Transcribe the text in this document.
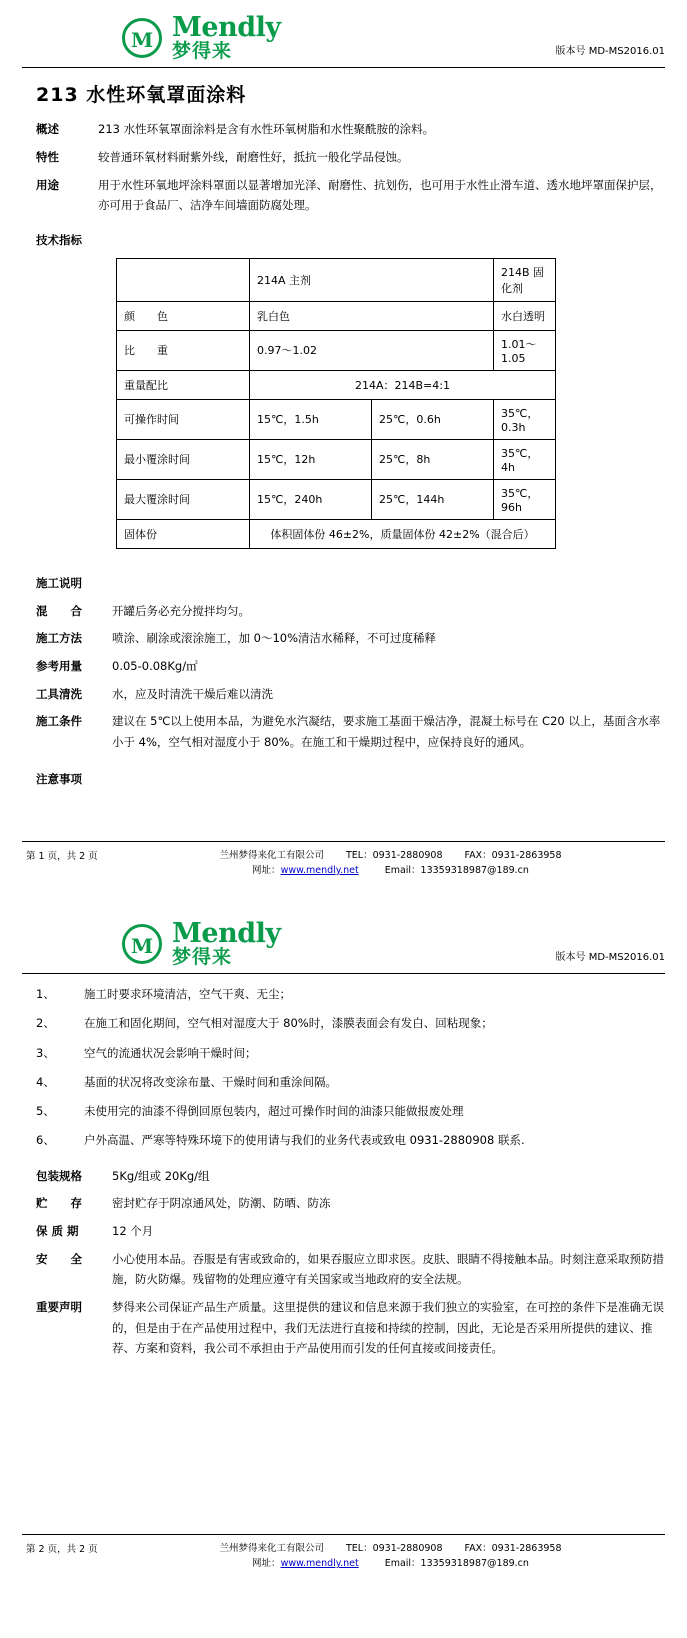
M Mendly
梦得来	版本号 MD-MS2016.01
213 水性环氧罩面涂料
概述	213 水性环氧罩面涂料是含有水性环氧树脂和水性聚酰胺的涂料。
特性	较普通环氧材料耐紫外线，耐磨性好，抵抗一般化学品侵蚀。
用途	用于水性环氧地坪涂料罩面以显著增加光泽、耐磨性、抗划伤，也可用于水性止滑车道、透水地坪罩面保护层，亦可用于食品厂、洁净车间墙面防腐处理。
技术指标
	214A 主剂		214B 固化剂
颜　　色	乳白色		水白透明
比　　重	0.97～1.02		1.01～1.05
重量配比	214A：214B=4:1		
可操作时间	15℃，1.5h	25℃，0.6h	35℃，0.3h
最小覆涂时间	15℃，12h	25℃，8h	35℃，4h
最大覆涂时间	15℃，240h	25℃，144h	35℃，96h
固体份	体积固体份 46±2%，质量固体份 42±2%（混合后）		
施工说明
混　　合	开罐后务必充分搅拌均匀。
施工方法	喷涂、刷涂或滚涂施工，加 0～10%清洁水稀释，不可过度稀释
参考用量	0.05-0.08Kg/㎡
工具清洗	水，应及时清洗干燥后难以清洗
施工条件	建议在 5℃以上使用本品，为避免水汽凝结，要求施工基面干燥洁净，混凝土标号在 C20 以上，基面含水率小于 4%，空气相对湿度小于 80%。在施工和干燥期过程中，应保持良好的通风。
注意事项
第 1 页，共 2 页	兰州梦得来化工有限公司 TEL：0931-2880908 FAX：0931-2863958
网址：www.mendly.net	Email：13359318987@189.cn
M Mendly
梦得来	版本号 MD-MS2016.01
1、	施工时要求环境清洁，空气干爽、无尘；
2、	在施工和固化期间，空气相对湿度大于 80%时，漆膜表面会有发白、回粘现象；
3、	空气的流通状况会影响干燥时间；
4、	基面的状况将改变涂布量、干燥时间和重涂间隔。
5、	未使用完的油漆不得倒回原包装内，超过可操作时间的油漆只能做报废处理
6、	户外高温、严寒等特殊环境下的使用请与我们的业务代表或致电 0931-2880908 联系.
包装规格	5Kg/组或 20Kg/组
贮　　存	密封贮存于阴凉通风处，防潮、防晒、防冻
保 质 期	12 个月
安　　全	小心使用本品。吞服是有害或致命的，如果吞服应立即求医。皮肤、眼睛不得接触本品。时刻注意采取预防措施，防火防爆。残留物的处理应遵守有关国家或当地政府的安全法规。
重要声明	梦得来公司保证产品生产质量。这里提供的建议和信息来源于我们独立的实验室，在可控的条件下是准确无误的，但是由于在产品使用过程中，我们无法进行直接和持续的控制，因此，无论是否采用所提供的建议、推荐、方案和资料，我公司不承担由于产品使用而引发的任何直接或间接责任。
第 2 页，共 2 页	兰州梦得来化工有限公司 TEL：0931-2880908 FAX：0931-2863958
网址：www.mendly.net	Email：13359318987@189.cn
